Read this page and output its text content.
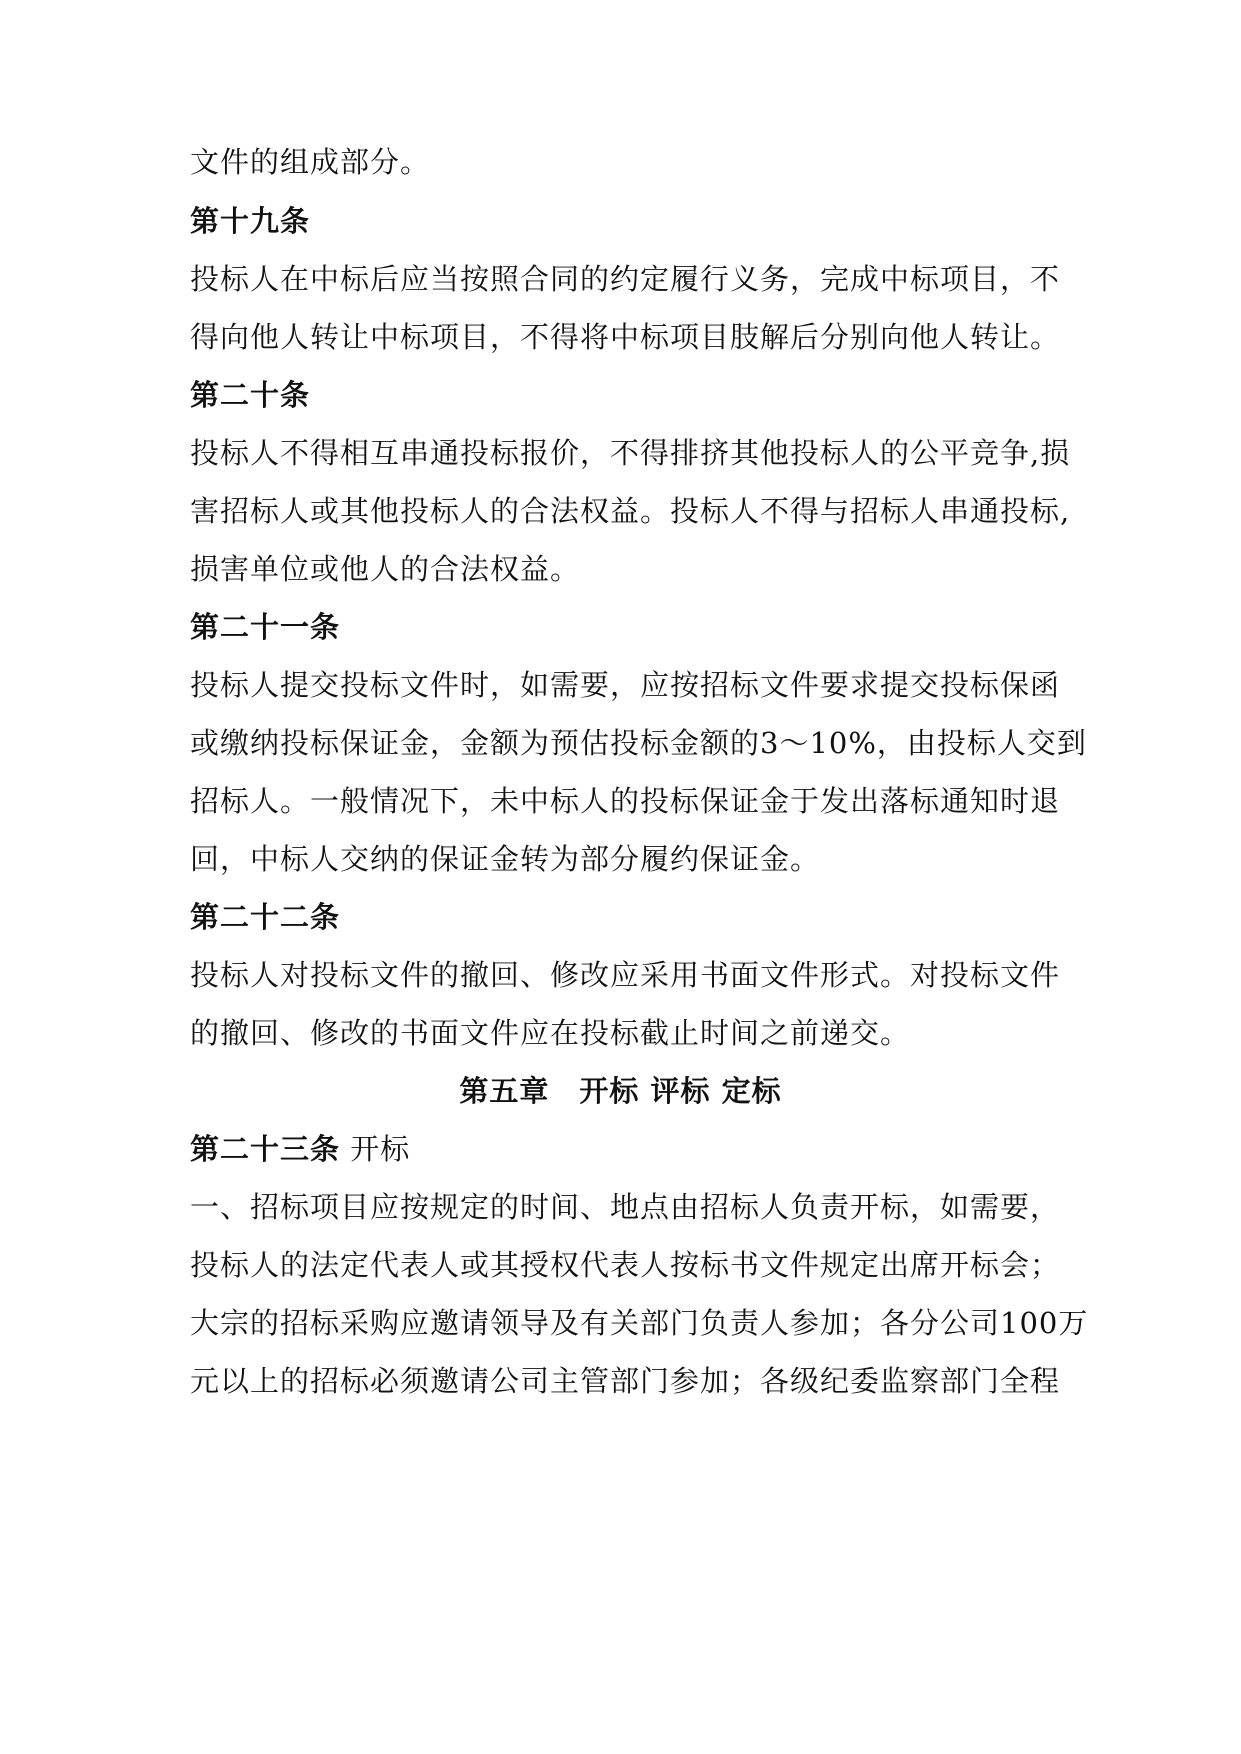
文件的组成部分。
第十九条
投标人在中标后应当按照合同的约定履行义务，完成中标项目，不
得向他人转让中标项目，不得将中标项目肢解后分别向他人转让。
第二十条
投标人不得相互串通投标报价，不得排挤其他投标人的公平竞争,损
害招标人或其他投标人的合法权益。投标人不得与招标人串通投标,
损害单位或他人的合法权益。
第二十一条
投标人提交投标文件时，如需要，应按招标文件要求提交投标保函
或缴纳投标保证金，金额为预估投标金额的3～10%，由投标人交到
招标人。一般情况下，未中标人的投标保证金于发出落标通知时退
回，中标人交纳的保证金转为部分履约保证金。
第二十二条
投标人对投标文件的撤回、修改应采用书面文件形式。对投标文件
的撤回、修改的书面文件应在投标截止时间之前递交。
第五章　开标 评标 定标
第二十三条 开标
一、招标项目应按规定的时间、地点由招标人负责开标，如需要，
投标人的法定代表人或其授权代表人按标书文件规定出席开标会；
大宗的招标采购应邀请领导及有关部门负责人参加；各分公司100万
元以上的招标必须邀请公司主管部门参加；各级纪委监察部门全程
